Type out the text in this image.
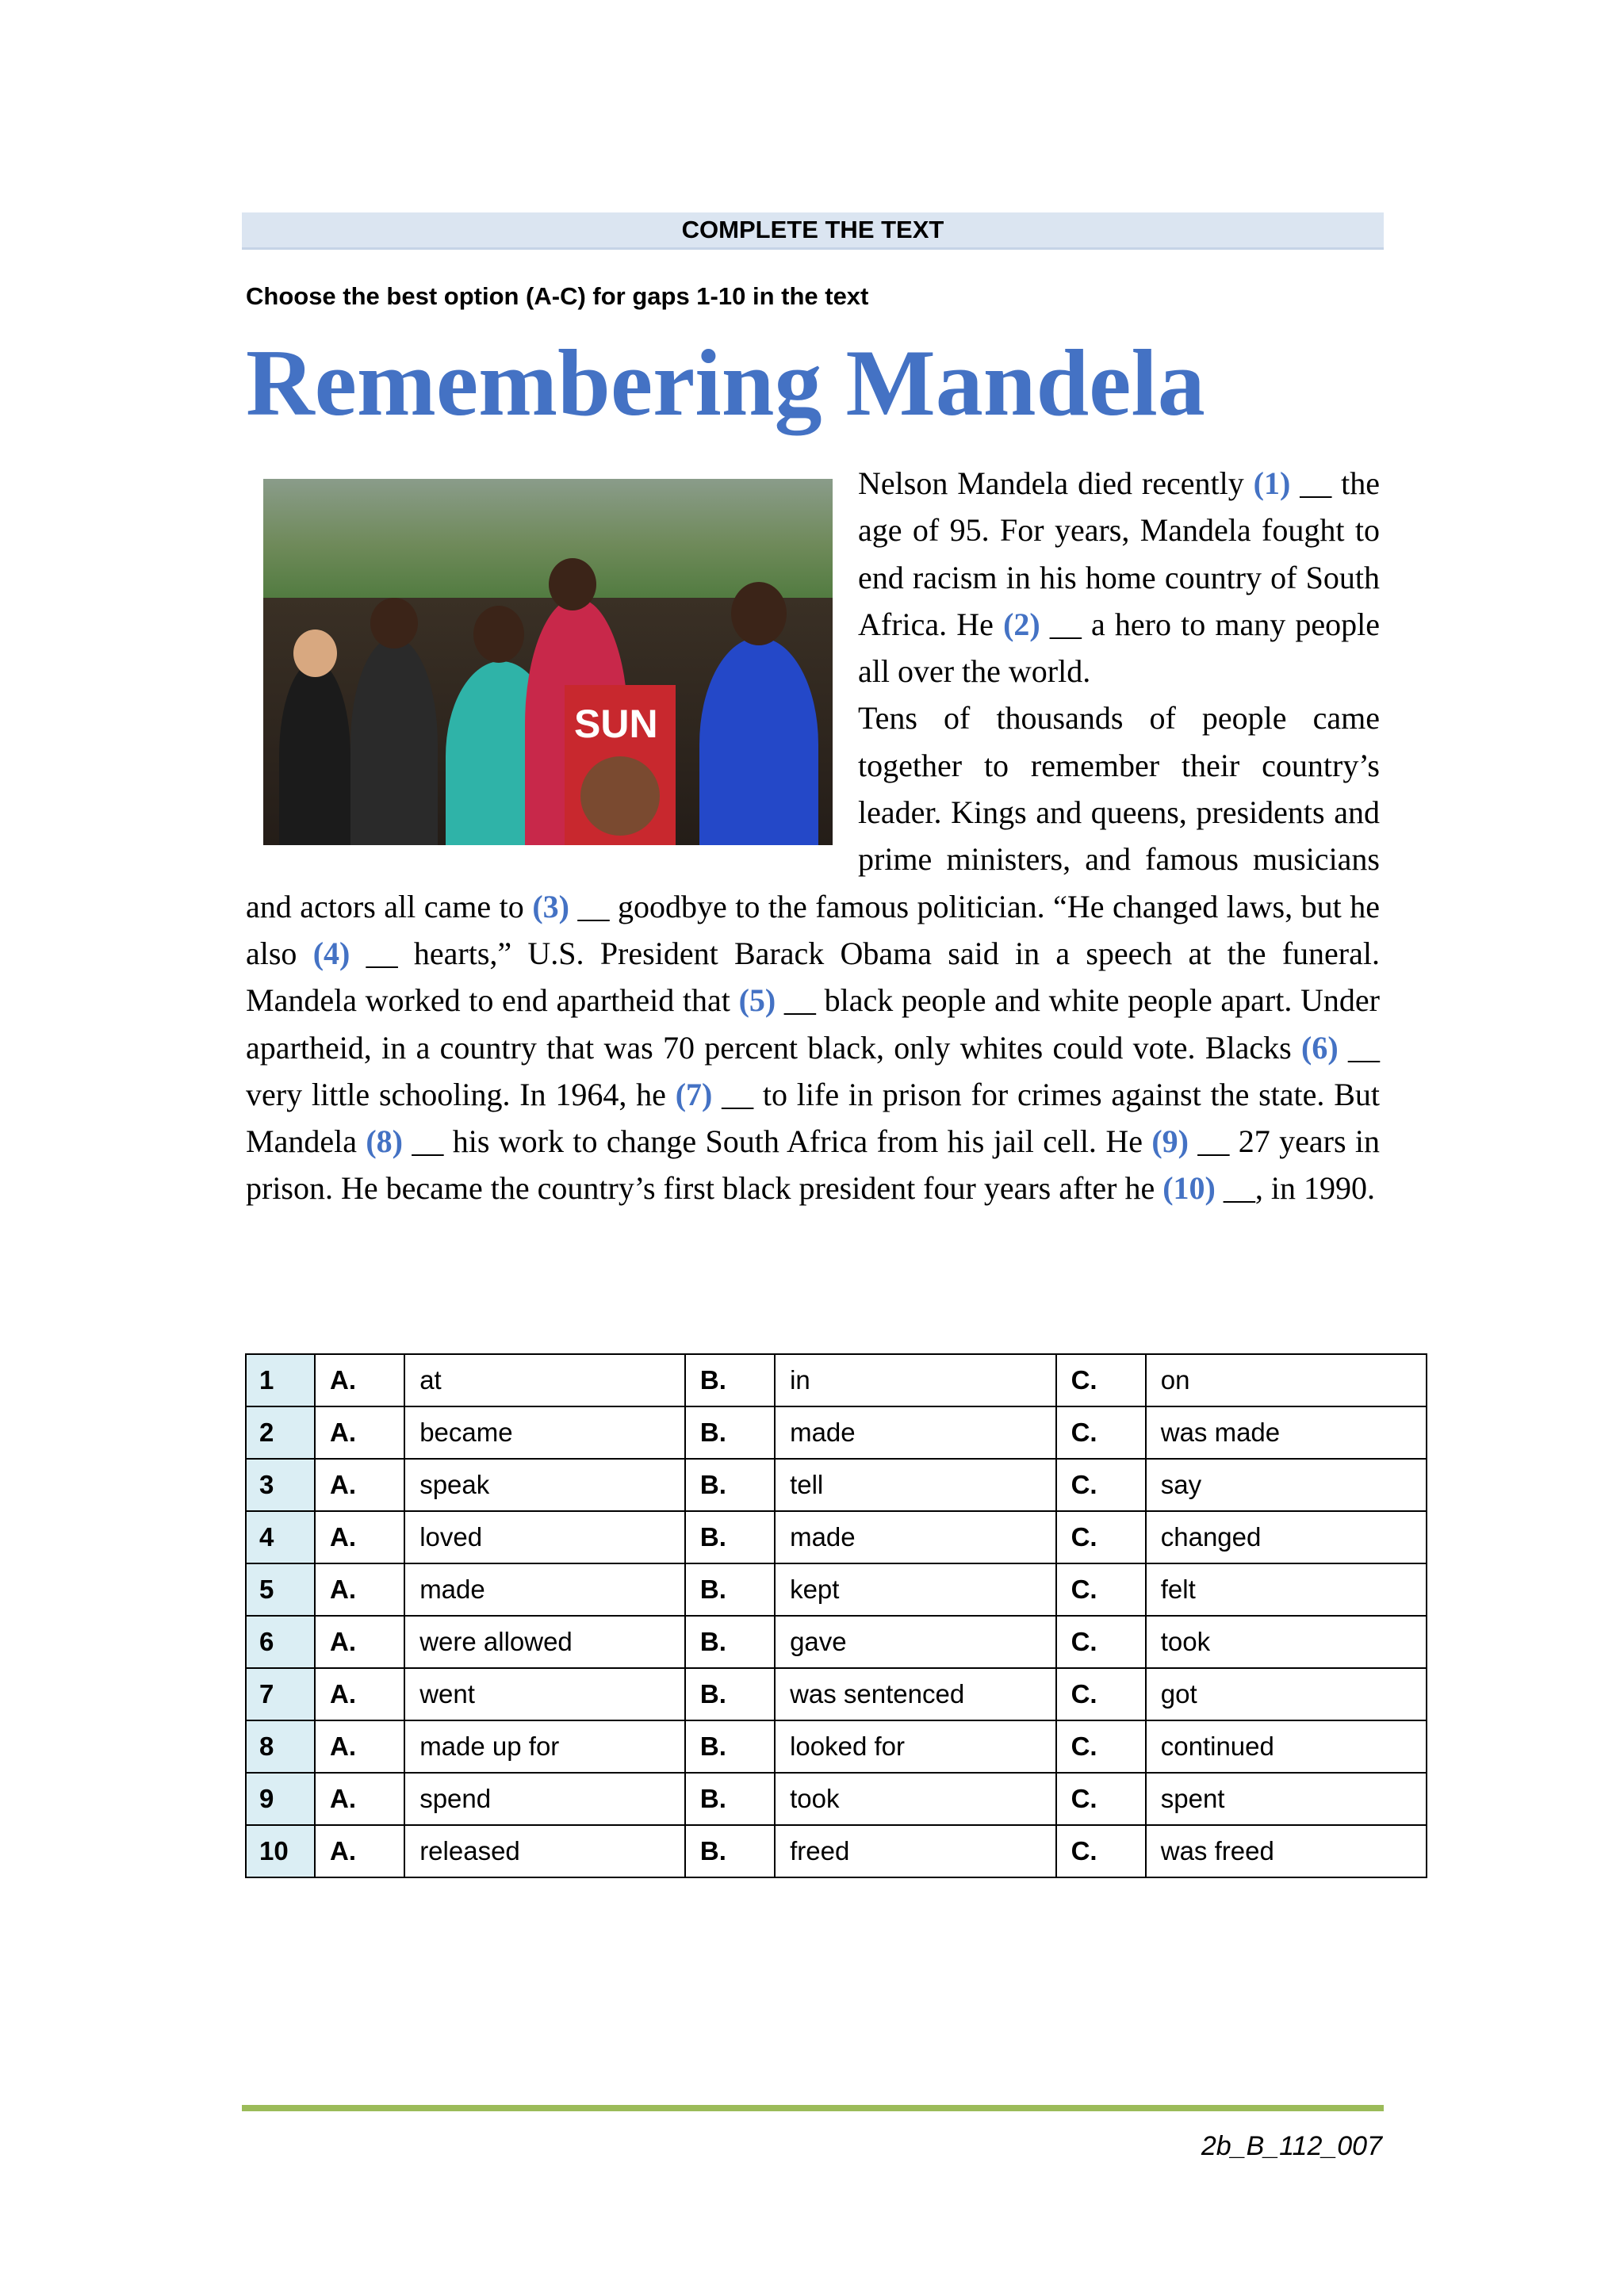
COMPLETE THE TEXT
Choose the best option (A-C) for gaps 1-10 in the text
Remembering Mandela
SUN

Nelson Mandela died recently (1) __ the age of 95. For years, Mandela fought to end racism in his home country of South Africa. He (2) __ a hero to many people all over the world.

Tens of thousands of people came together to remember their country’s leader. Kings and queens, presidents and prime ministers, and famous musicians and actors all came to (3) __ goodbye to the famous politician. “He changed laws, but he also (4) __ hearts,” U.S. President Barack Obama said in a speech at the funeral. Mandela worked to end apartheid that (5) __ black people and white people apart. Under apartheid, in a country that was 70 percent black, only whites could vote. Blacks (6) __ very little schooling. In 1964, he (7) __ to life in prison for crimes against the state. But Mandela (8) __ his work to change South Africa from his jail cell. He (9) __ 27 years in prison. He became the country’s first black president four years after he (10) __, in 1990.

1	A.	at	B.	in	C.	on
2	A.	became	B.	made	C.	was made
3	A.	speak	B.	tell	C.	say
4	A.	loved	B.	made	C.	changed
5	A.	made	B.	kept	C.	felt
6	A.	were allowed	B.	gave	C.	took
7	A.	went	B.	was sentenced	C.	got
8	A.	made up for	B.	looked for	C.	continued
9	A.	spend	B.	took	C.	spent
10	A.	released	B.	freed	C.	was freed
2b_B_112_007
